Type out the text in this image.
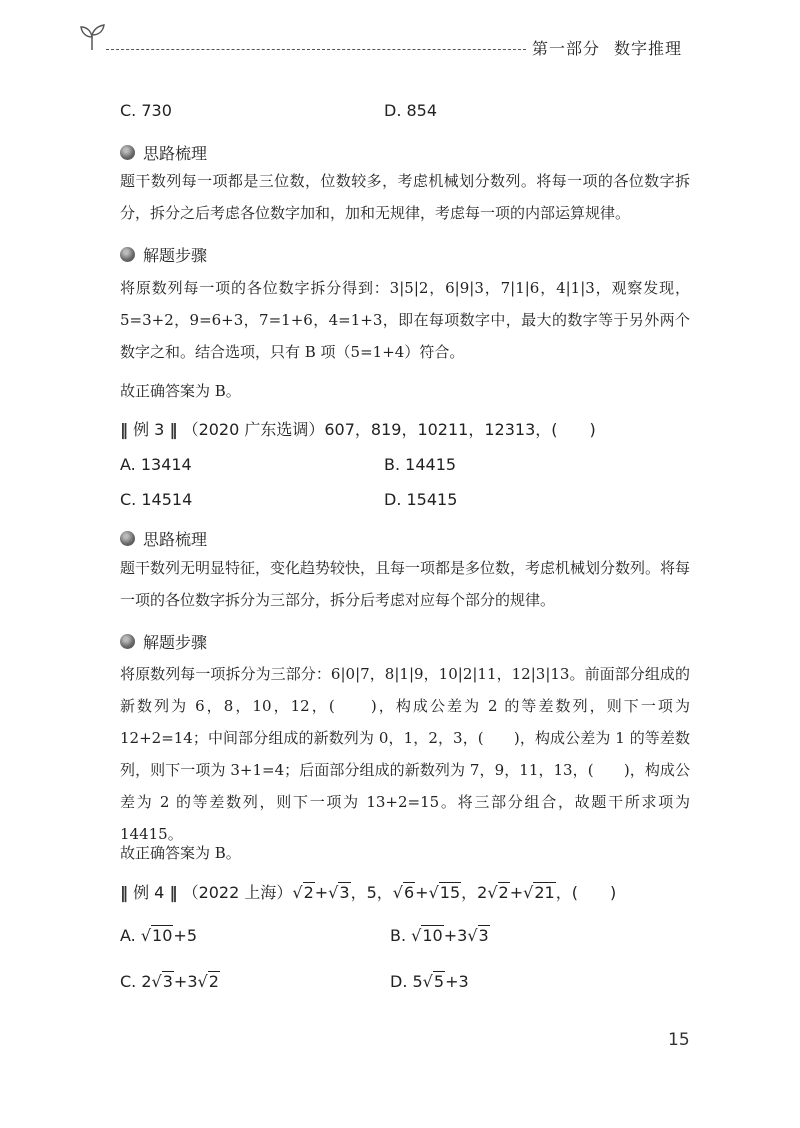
第一部分 数字推理
C. 730	D. 854
思路梳理
题干数列每一项都是三位数，位数较多，考虑机械划分数列。将每一项的各位数字拆分，拆分之后考虑各位数字加和，加和无规律，考虑每一项的内部运算规律。
解题步骤
将原数列每一项的各位数字拆分得到：3|5|2，6|9|3，7|1|6，4|1|3，观察发现，5=3+2，9=6+3，7=1+6，4=1+3，即在每项数字中，最大的数字等于另外两个数字之和。结合选项，只有 B 项（5=1+4）符合。
故正确答案为 B。
‖ 例 3 ‖ （2020 广东选调）607，819，10211，12313，(　　)
A. 13414	B. 14415
C. 14514	D. 15415
思路梳理
题干数列无明显特征，变化趋势较快，且每一项都是多位数，考虑机械划分数列。将每一项的各位数字拆分为三部分，拆分后考虑对应每个部分的规律。
解题步骤
将原数列每一项拆分为三部分：6|0|7，8|1|9，10|2|11，12|3|13。前面部分组成的新数列为 6，8，10，12，(　　)，构成公差为 2 的等差数列，则下一项为 12+2=14；中间部分组成的新数列为 0，1，2，3，(　　)，构成公差为 1 的等差数列，则下一项为 3+1=4；后面部分组成的新数列为 7，9，11，13，(　　)，构成公差为 2 的等差数列，则下一项为 13+2=15。将三部分组合，故题干所求项为 14415。
故正确答案为 B。
‖ 例 4 ‖ （2022 上海）√2+√3，5，√6+√15，2√2+√21，(　　)
A. √10+5	B. √10+3√3
C. 2√3+3√2	D. 5√5+3
15
